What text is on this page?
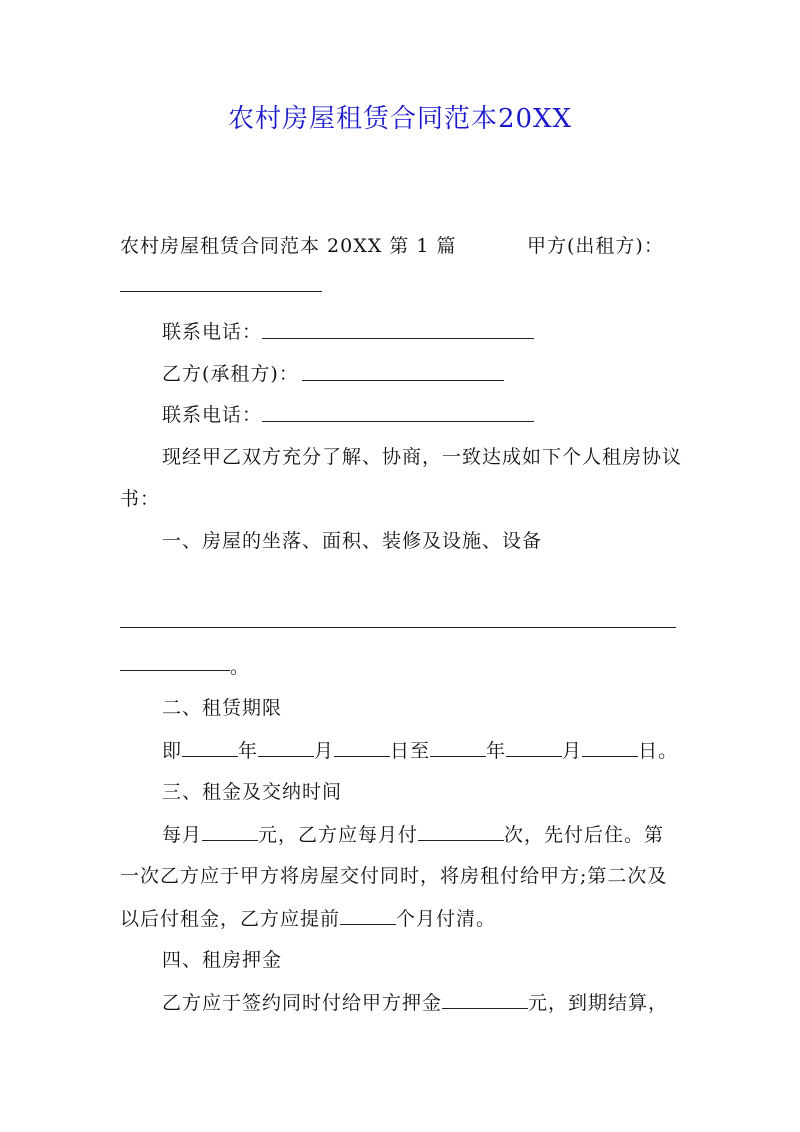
农村房屋租赁合同范本20XX
农村房屋租赁合同范本 20XX 第 1 篇	甲方(出租方)：
联系电话：
乙方(承租方)：
联系电话：
现经甲乙双方充分了解、协商，一致达成如下个人租房协议
书：
一、房屋的坐落、面积、装修及设施、设备
。
二、租赁期限
即	年	月	日至	年	月	日。
三、租金及交纳时间
每月	元，乙方应每月付	次，先付后住。第
一次乙方应于甲方将房屋交付同时，将房租付给甲方;第二次及
以后付租金，乙方应提前	个月付清。
四、租房押金
乙方应于签约同时付给甲方押金	元，到期结算，
